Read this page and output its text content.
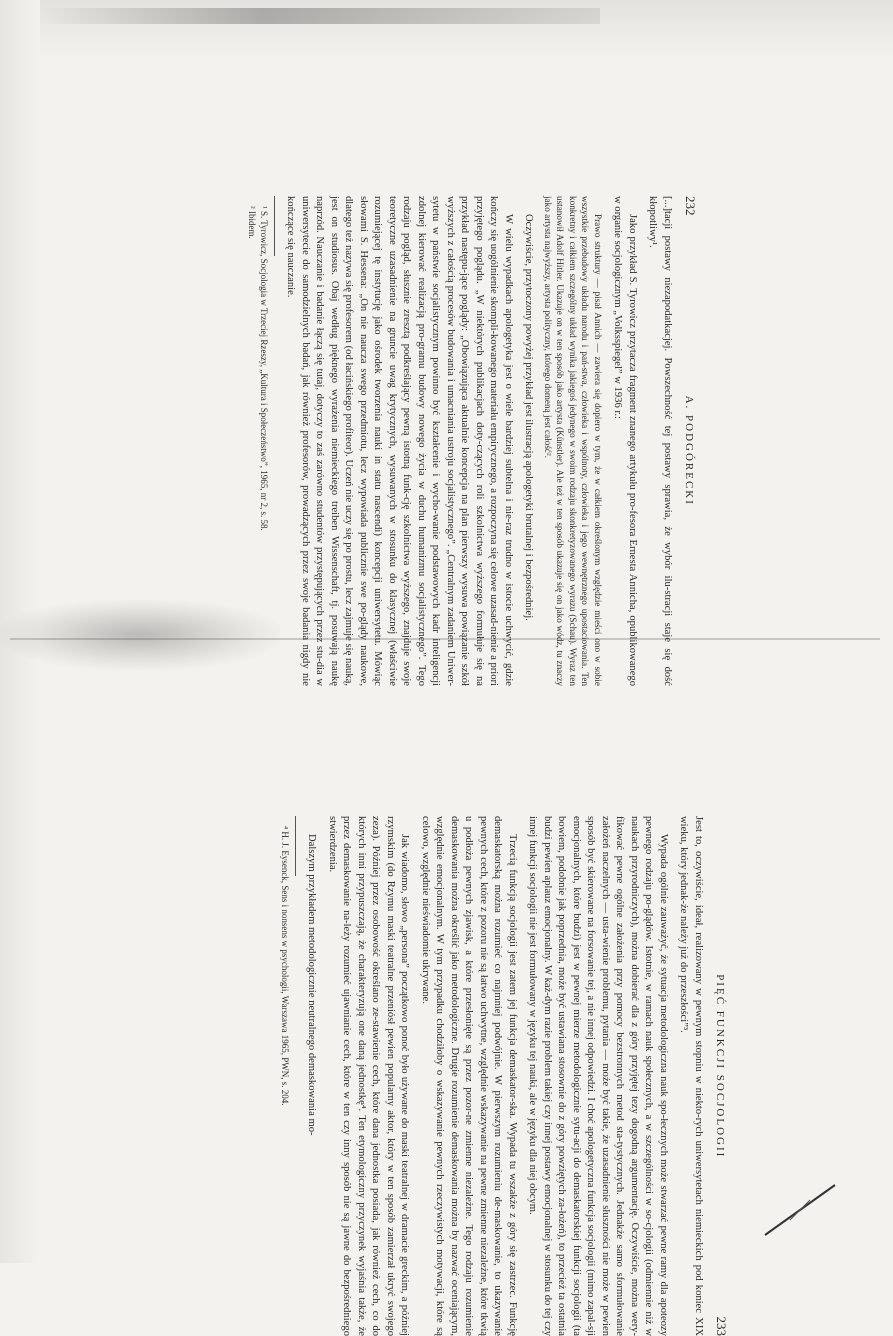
232
A. PODGÓRECKI

[...]tacji postawy niezapodatkacjej. Powszechność tej postawy sprawia, że wybór ilu-stracji staje się dość kłopotliwy¹.

Jako przykład S. Tyrowicz przytacza fragment znanego artykułu pro-fesora Ernesta Annicha, opublikowanego w organie socjologicznym „Volksspiegel” w 1936 r.:

Prawo struktury — pisał Annich — zawiera się dopiero w tym, że w całkiem określonym względzie mieści ono w sobie wszystkie przebudowy układu narodu i pań-stwa, człowieka i wspólnoty, człowieka i jego wewnętrznego upostaciowania. Ten konkretny i całkiem szczególny układ wynika jakiegoś jedynego w swoim rodzaju skonkretyzowanego wyrazu (Schau). Wyraz ten ustanowił Adolf Hitler. Ukazuje on w ten sposób jako artysta (Künstler). Ale też w ten sposób ukazuje się on jako wódz, tu znaczy jako artysta najwyższy, artysta polityczny, którego domeną jest całość².

Oczywiście, przytoczony powyżej przykład jest ilustracją apologetyki brutalnej i bezpośredniej.

W wielu wypadkach apologetyka jest o wiele bardziej subtelna i nie-raz trudno w istocie uchwycić, gdzie kończy się uogólnienie skompli-kowanego materiału empirycznego, a rozpoczyna się celowe uzasad-nienie a priori przyjętego poglądu. „W niektórych publikacjach doty-czących roli szkolnictwa wyższego formułuje się na przykład następu-jące poglądy: „Obowiązująca aktualnie koncepcja na plan pierwszy wysuwa powiązanie szkół wyższych z całością procesów budowania i umacniania ustroju socjalistycznego”. „Centralnym zadaniem Uniwer-sytetu w państwie socjalistycznym powinno być kształcenie i wycho-wanie podstawowych kadr inteligencji zdolnej kierować realizacją pro-gramu budowy nowego życia w duchu humanizmu socjalistycznego”. Tego rodzaju pogląd, słusznie zresztą podkreślający pewną istotną funk-cję szkolnictwa wyższego, znajduje swoje teoretyczne uzasadnienie na gruncie uwag krytycznych, wysuwanych w stosunku do klasycznej (właściwie rozumiejącej tę instytucję jako ośrodek tworzenia nauki in statu nascendi) koncepcji uniwersytetu. Mówiąc słowami S. Hessena: „On nie naucza swego przedmiotu, lecz wypowiada publicznie swe po-glądy naukowe, dlatego też nazywa się profesorem (od łacińskiego profiteor). Uczeń nie uczy się po prostu, lecz zajmuje się nauką, jest on studiosus. Obaj według pięknego wyrażenia niemieckiego treiben Wissenschaft, tj. posuwają naukę naprzód. Nauczanie i badanie łączą się tutaj, dotyczy to zaś zarówno studentów przystępujących przez stu-dia w uniwersytecie do samodzielnych badań, jak również profesorów, prowadzących przez swoje badania nigdy nie kończące się nauczanie.

¹ S. Tyrowicz, Socjologia w Trzeciej Rzeszy, „Kultura i Społeczeństwo”, 1965, nr 2, s. 58.

² Ibidem.

PIĘĆ FUNKCJI SOCJOLOGII
233

Jest to, oczywiście, ideał, realizowany w pewnym stopniu w niekto-rych uniwersytetach niemieckich pod koniec XIX wieku, który jednak-że należy już do przeszłości”³.

Wypada ogólnie zauważyć, że sytuacja metodologiczna nauk spo-łecznych może stwarzać pewne ramy dla apoteozy pewnego rodzaju po-glądów. Istotnie, w ramach nauk społecznych, a w szczególności w so-cjologii (odmiennie niż w naukach przyrodniczych), można dobierać dla z góry przyjętej tezy dogodną argumentację. Oczywiście, można wery-fikować pewne ogólne założenia przy pomocy bezstronnych metod sta-tystycznych. Jednakże samo sformułowanie założeń naczelnych — usta-wienie problemu, pytania — może być takie, że uzasadnienie słuszności nie może w pewien sposób być skierowane na forsowanie tej, a nie innej odpowiedzi. I choć apologetyczna funkcja socjologii (mimo zapal-sji emocjonalnych, które budzi) jest w pewnej mierze metodologicznie sytu-acji do demaskatorskiej funkcji socjologii (ta bowiem, podobnie jak poprzednia, może być ustawiana stosownie do z góry powziętych za-łożeń), to przecież ta ostatnia budzi pewien aplauz emocjonalny. W każ-dym razie problem takiej czy innej postawy emocjonalnej w stosunku do tej czy innej funkcji socjologii nie jest formułowany w języku tej nauki, ale w języku dla niej obcym.

Trzecią funkcją socjologii jest zatem jej funkcja demaskator-ska. Wypada tu wszakże z góry się zastrzec. Funkcję demaskatorską można rozumieć co najmniej podwójnie. W pierwszym rozumieniu de-maskowanie, to ukazywanie pewnych cech, które z pozoru nie są łatwo uchwytne, względnie wskazywanie na pewne zmienne niezależne, które tkwią u podłoża pewnych zjawisk, a które przesłonięte są przez pozor-ne zmienne niezależne. Tego rodzaju rozumienie demaskowania można określić jako metodologiczne. Drugie rozumienie demaskowania można by nazwać oceniającym, względnie emocjonalnym. W tym przypadku chodziłoby o wskazywanie pewnych rzeczywistych motywacji, które są celowo, względnie nieświadomie ukrywane.

Jak wiadomo, słowo „persona” początkowo ponoć było używane do maski teatralnej w dramacie greckim, a później rzymskim (do Rzymu maski teatralne przeniósł pewien popularny aktor, który w ten sposób zamierzał ukryć swojego zeza). Później przez osobowość określano ze-stawienie cech, które dana jednostka posiada, jak również cech, co do których inni przypuszczają, że charakteryzują one daną jednostkę⁴. Ten etymologiczny przyczynek wyjaśnia także, że przez demaskowanie na-leży rozumieć ujawnianie cech, które w ten czy inny sposób nie są jawne do bezpośredniego stwierdzenia.

Dalszym przykładem metodologicznie neutralnego demaskowania mo-

⁴ H. J. Eysenck, Sens i nonsens w psychologii, Warszawa 1965, PWN, s. 204.
